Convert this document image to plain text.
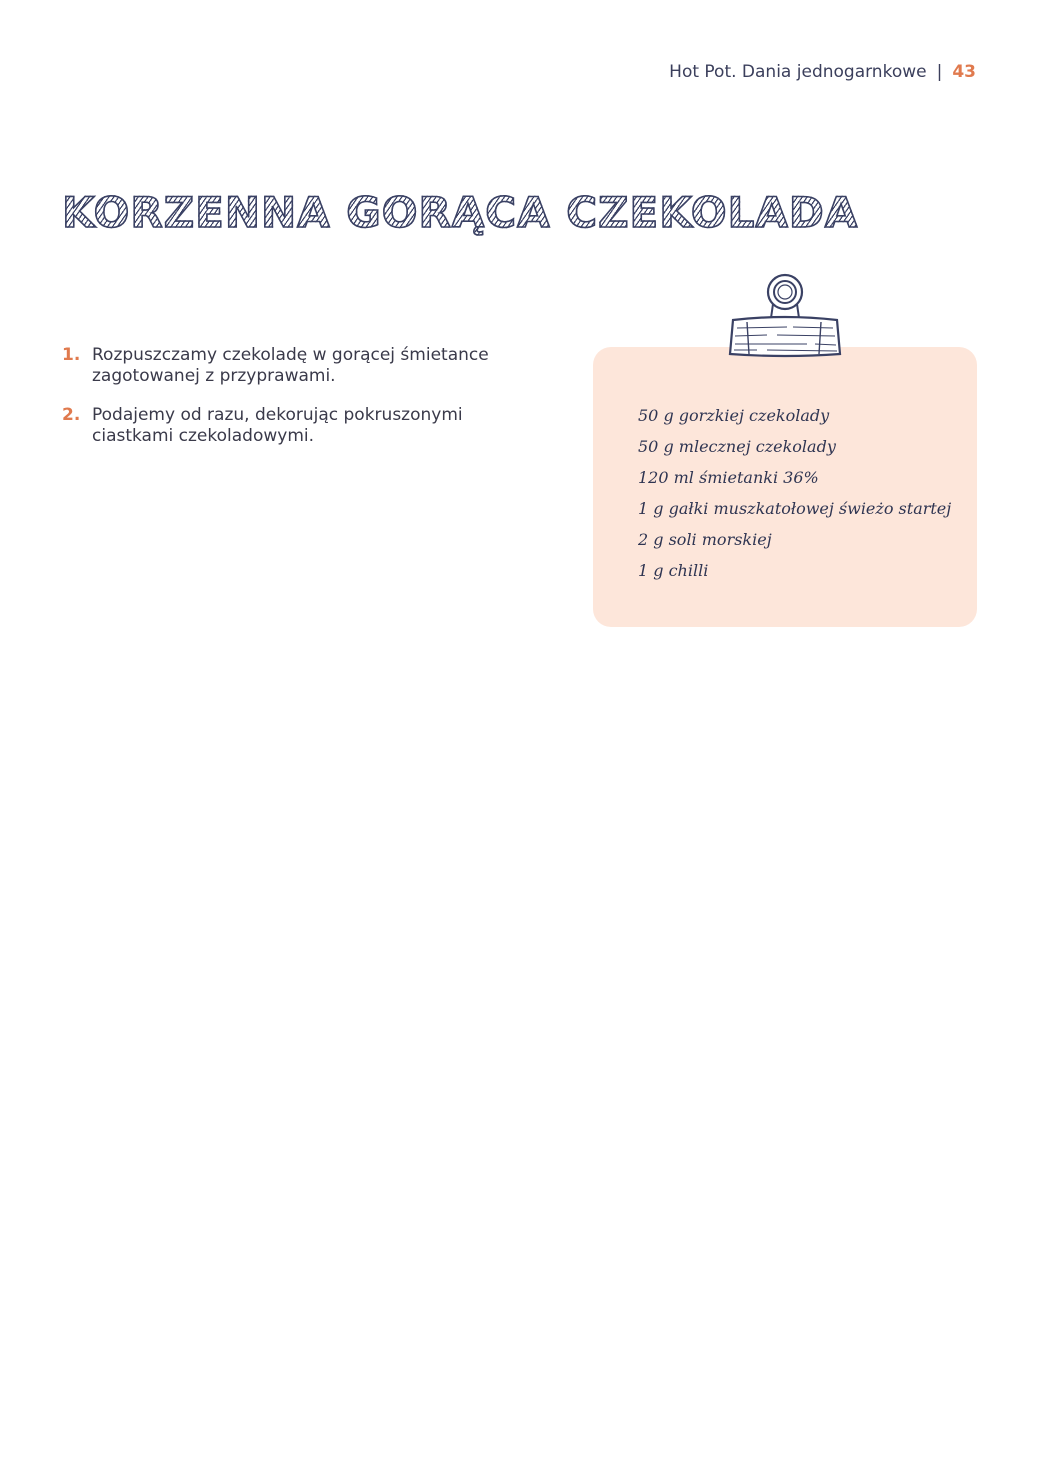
Hot Pot. Dania jednogarnkowe | 43
KORZENNA GORĄCA CZEKOLADA
1. Rozpuszczamy czekoladę w gorącej śmietance zagotowanej z przyprawami.
2. Podajemy od razu, dekorując pokruszonymi ciastkami czekoladowymi.
50 g gorzkiej czekolady
50 g mlecznej czekolady
120 ml śmietanki 36%
1 g gałki muszkatołowej świeżo startej
2 g soli morskiej
1 g chilli
